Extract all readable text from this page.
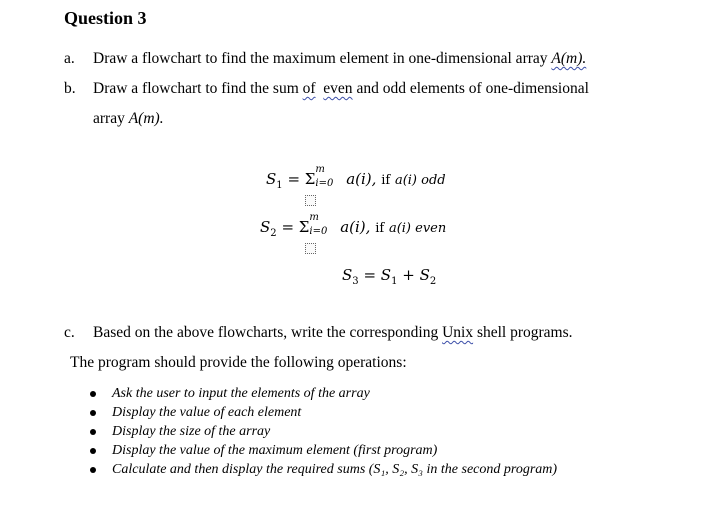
Question 3
a. Draw a flowchart to find the maximum element in one-dimensional array A(m).
b. Draw a flowchart to find the sum of even and odd elements of one-dimensional
array A(m).
$S_1 = \Sigma$
m
i=0 a(i), if a(i) odd
$S_2 = \Sigma$
m
i=0 a(i), if a(i) even
$S_3 = S_1 + S_2$
c. Based on the above flowcharts, write the corresponding Unix shell programs.
The program should provide the following operations:
Ask the user to input the elements of the array
Display the value of each element
Display the size of the array
Display the value of the maximum element (first program)
Calculate and then display the required sums (S₁, S₂, S₃ in the second program)
